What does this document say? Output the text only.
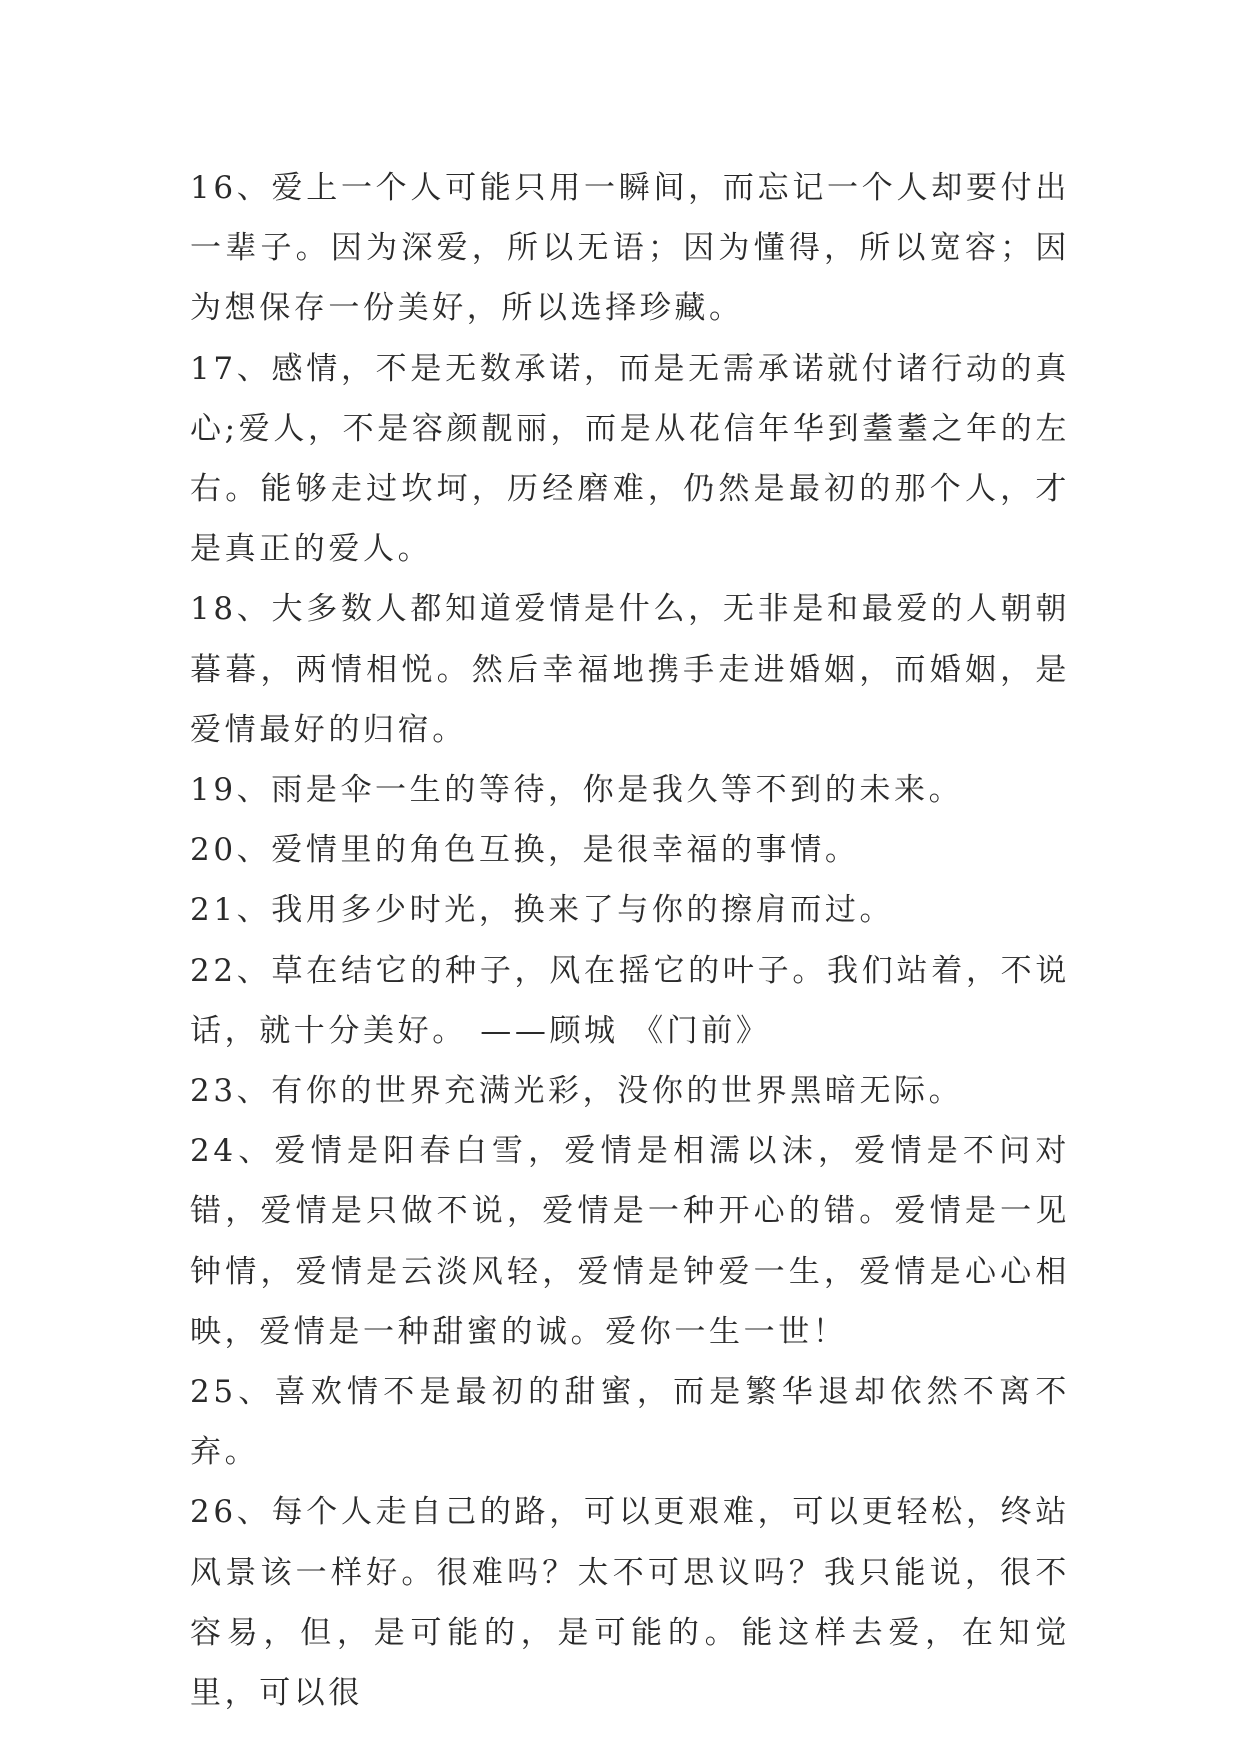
16、爱上一个人可能只用一瞬间，而忘记一个人却要付出一辈子。因为深爱，所以无语；因为懂得，所以宽容；因为想保存一份美好，所以选择珍藏。

17、感情，不是无数承诺，而是无需承诺就付诸行动的真心;爱人，不是容颜靓丽，而是从花信年华到耋耋之年的左右。能够走过坎坷，历经磨难，仍然是最初的那个人，才是真正的爱人。

18、大多数人都知道爱情是什么，无非是和最爱的人朝朝暮暮，两情相悦。然后幸福地携手走进婚姻，而婚姻，是爱情最好的归宿。

19、雨是伞一生的等待，你是我久等不到的未来。

20、爱情里的角色互换，是很幸福的事情。

21、我用多少时光，换来了与你的擦肩而过。

22、草在结它的种子，风在摇它的叶子。我们站着，不说话，就十分美好。 ——顾城 《门前》

23、有你的世界充满光彩，没你的世界黑暗无际。

24、爱情是阳春白雪，爱情是相濡以沫，爱情是不问对错，爱情是只做不说，爱情是一种开心的错。爱情是一见钟情，爱情是云淡风轻，爱情是钟爱一生，爱情是心心相映，爱情是一种甜蜜的诚。爱你一生一世！

25、喜欢情不是最初的甜蜜，而是繁华退却依然不离不弃。

26、每个人走自己的路，可以更艰难，可以更轻松，终站风景该一样好。很难吗？太不可思议吗？我只能说，很不容易，但，是可能的，是可能的。能这样去爱，在知觉里，可以很
